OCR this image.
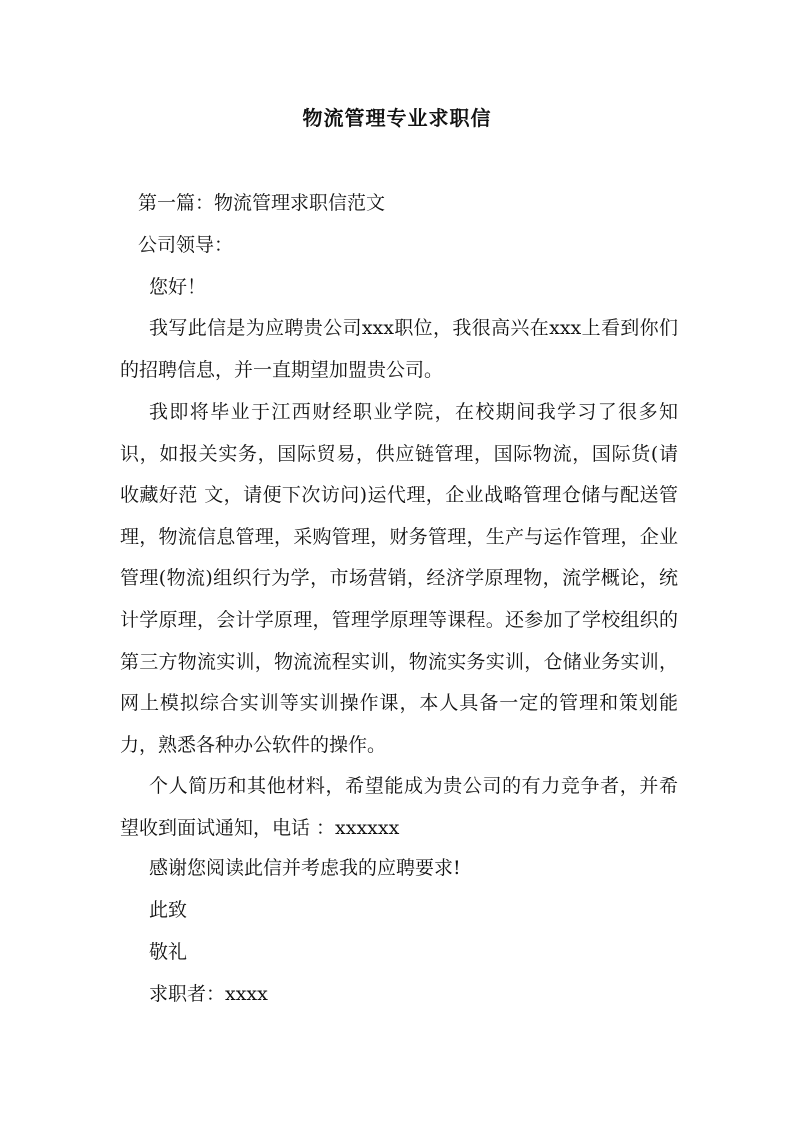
物流管理专业求职信
第一篇：物流管理求职信范文
公司领导：
您好！

我写此信是为应聘贵公司xxx职位，我很高兴在xxx上看到你们的招聘信息，并一直期望加盟贵公司。

我即将毕业于江西财经职业学院，在校期间我学习了很多知识，如报关实务，国际贸易，供应链管理，国际物流，国际货(请收藏好范 文，请便下次访问)运代理，企业战略管理仓储与配送管理，物流信息管理，采购管理，财务管理，生产与运作管理，企业管理(物流)组织行为学，市场营销，经济学原理物，流学概论，统计学原理，会计学原理，管理学原理等课程。还参加了学校组织的第三方物流实训，物流流程实训，物流实务实训，仓储业务实训，网上模拟综合实训等实训操作课，本人具备一定的管理和策划能力，熟悉各种办公软件的操作。

个人简历和其他材料，希望能成为贵公司的有力竞争者，并希望收到面试通知，电话 ：xxxxxx

感谢您阅读此信并考虑我的应聘要求!
此致
敬礼
求职者：xxxx
